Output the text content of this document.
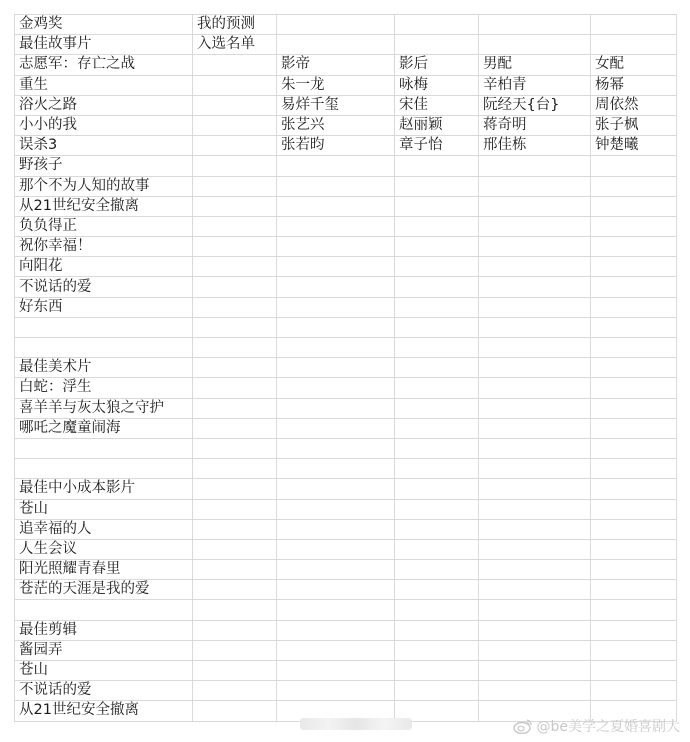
金鸡奖	我的预测				
最佳故事片	入选名单				
志愿军：存亡之战		影帝	影后	男配	女配
重生		朱一龙	咏梅	辛柏青	杨幂
浴火之路		易烊千玺	宋佳	阮经天{台}	周依然
小小的我		张艺兴	赵丽颖	蒋奇明	张子枫
误杀3		张若昀	章子怡	邢佳栋	钟楚曦
野孩子					
那个不为人知的故事					
从21世纪安全撤离					
负负得正					
祝你幸福！					
向阳花					
不说话的爱					
好东西					

最佳美术片					
白蛇：浮生					
喜羊羊与灰太狼之守护					
哪吒之魔童闹海					

最佳中小成本影片					
苍山					
追幸福的人					
人生会议					
阳光照耀青春里					
苍茫的天涯是我的爱					

最佳剪辑					
酱园弄					
苍山					
不说话的爱					
从21世纪安全撤离					
@be美学之夏婚喜剧大
